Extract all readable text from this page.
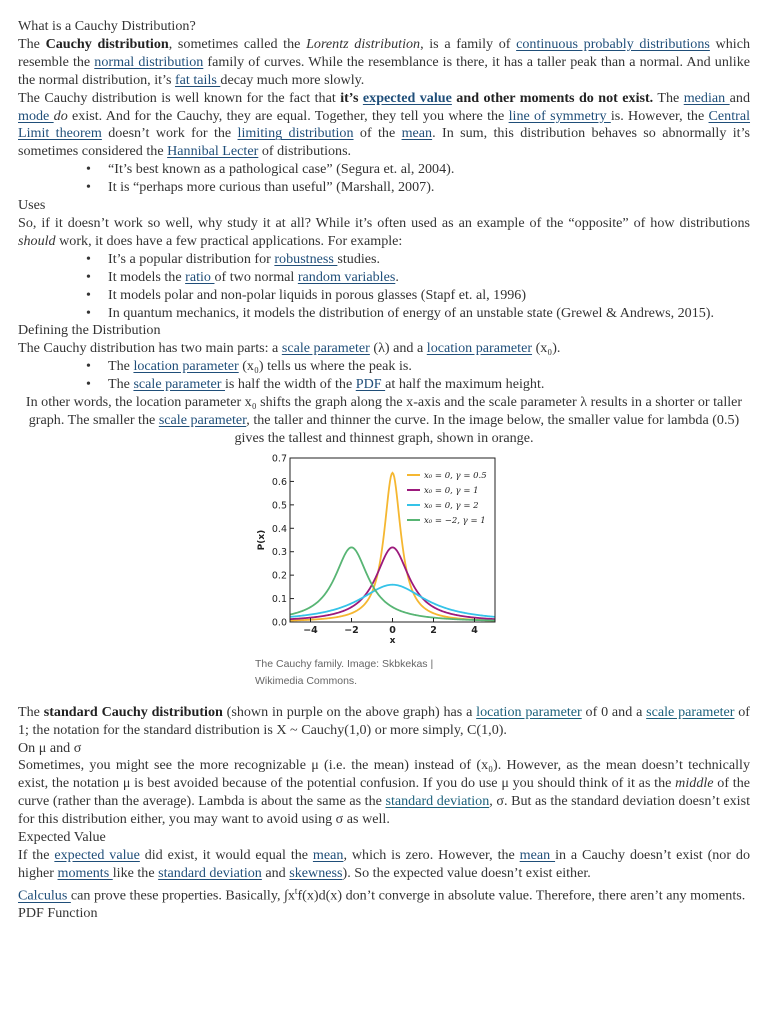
What is a Cauchy Distribution?

The Cauchy distribution, sometimes called the Lorentz distribution, is a family of continuous probably distributions which resemble the normal distribution family of curves. While the resemblance is there, it has a taller peak than a normal. And unlike the normal distribution, it’s fat tails decay much more slowly.

The Cauchy distribution is well known for the fact that it’s expected value and other moments do not exist. The median and mode do exist. And for the Cauchy, they are equal. Together, they tell you where the line of symmetry is. However, the Central Limit theorem doesn’t work for the limiting distribution of the mean. In sum, this distribution behaves so abnormally it’s sometimes considered the Hannibal Lecter of distributions.

• “It’s best known as a pathological case” (Segura et. al, 2004).
• It is “perhaps more curious than useful” (Marshall, 2007).
Uses

So, if it doesn’t work so well, why study it at all? While it’s often used as an example of the “opposite” of how distributions should work, it does have a few practical applications. For example:

• It’s a popular distribution for robustness studies.
• It models the ratio of two normal random variables.
• It models polar and non-polar liquids in porous glasses (Stapf et. al, 1996)
• In quantum mechanics, it models the distribution of energy of an unstable state (Grewel & Andrews, 2015).
Defining the Distribution

The Cauchy distribution has two main parts: a scale parameter (λ) and a location parameter (x₀).

• The location parameter (x₀) tells us where the peak is.
• The scale parameter is half the width of the PDF at half the maximum height.

In other words, the location parameter x₀ shifts the graph along the x-axis and the scale parameter λ results in a shorter or taller graph. The smaller the scale parameter, the taller and thinner the curve. In the image below, the smaller value for lambda (0.5) gives the tallest and thinnest graph, shown in orange.

0.0
0.1
0.2
0.3
0.4
0.5
0.6
0.7
−4	−2	0	2	4
x
P(x)
x₀ = 0, γ = 0.5
x₀ = 0, γ = 1
x₀ = 0, γ = 2
x₀ = −2, γ = 1
The Cauchy family. Image: Skbkekas |
Wikimedia Commons.

The standard Cauchy distribution (shown in purple on the above graph) has a location parameter of 0 and a scale parameter of 1; the notation for the standard distribution is X ~ Cauchy(1,0) or more simply, C(1,0).

On μ and σ

Sometimes, you might see the more recognizable μ (i.e. the mean) instead of (x₀). However, as the mean doesn’t technically exist, the notation μ is best avoided because of the potential confusion. If you do use μ you should think of it as the middle of the curve (rather than the average). Lambda is about the same as the standard deviation, σ. But as the standard deviation doesn’t exist for this distribution either, you may want to avoid using σ as well.

Expected Value

If the expected value did exist, it would equal the mean, which is zero. However, the mean in a Cauchy doesn’t exist (nor do higher moments like the standard deviation and skewness). So the expected value doesn’t exist either.
Calculus can prove these properties. Basically, $\int x^tf(x)d(x)$ don’t converge in absolute value. Therefore, there aren’t any moments.

PDF Function
